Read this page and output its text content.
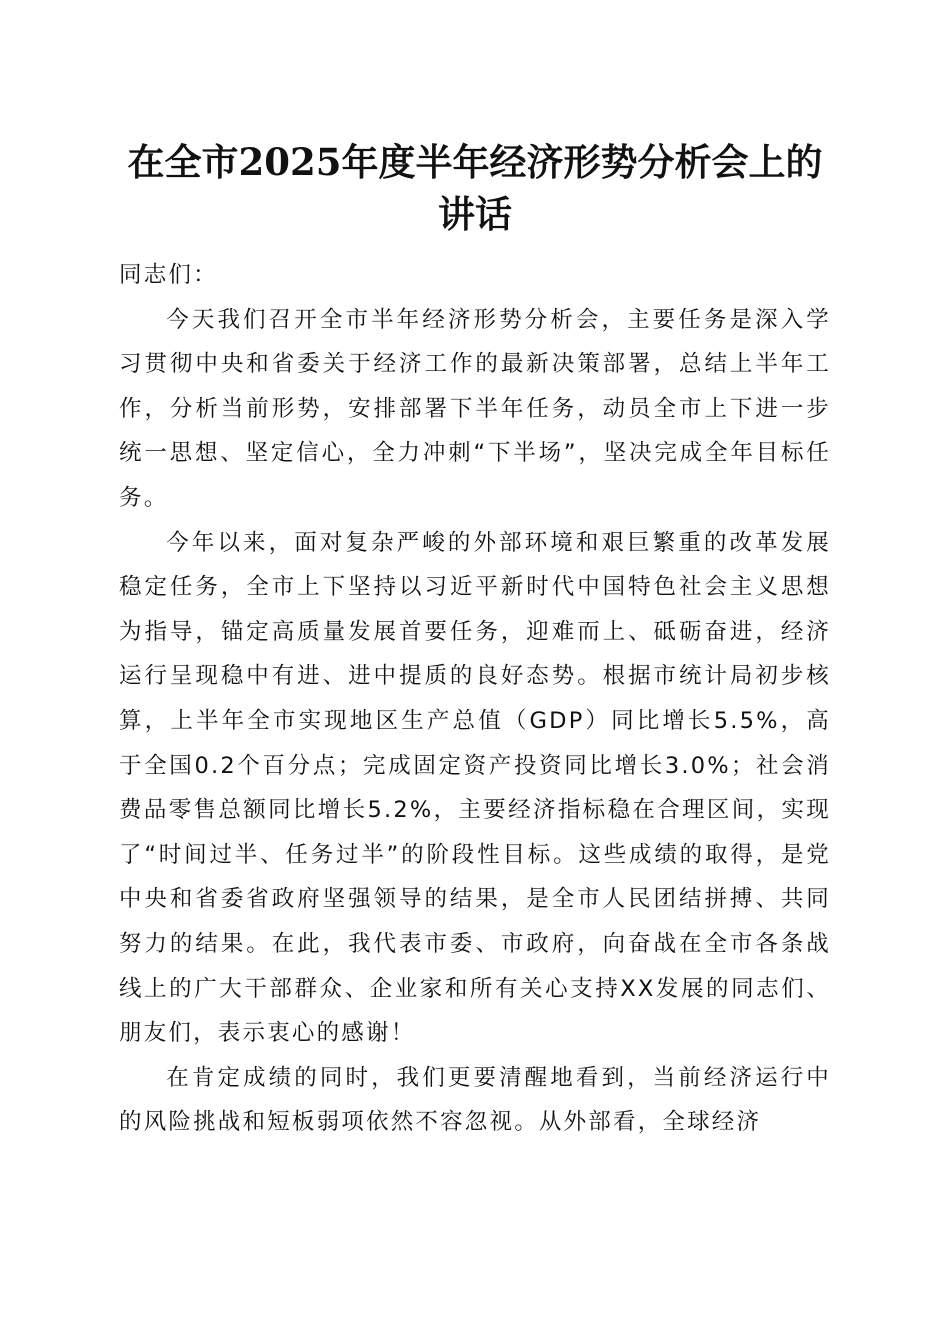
在全市2025年度半年经济形势分析会上的讲话

同志们：

今天我们召开全市半年经济形势分析会，主要任务是深入学习贯彻中央和省委关于经济工作的最新决策部署，总结上半年工作，分析当前形势，安排部署下半年任务，动员全市上下进一步统一思想、坚定信心，全力冲刺“下半场”，坚决完成全年目标任务。

今年以来，面对复杂严峻的外部环境和艰巨繁重的改革发展稳定任务，全市上下坚持以习近平新时代中国特色社会主义思想为指导，锚定高质量发展首要任务，迎难而上、砥砺奋进，经济运行呈现稳中有进、进中提质的良好态势。根据市统计局初步核算，上半年全市实现地区生产总值（GDP）同比增长5.5%，高于全国0.2个百分点；完成固定资产投资同比增长3.0%；社会消费品零售总额同比增长5.2%，主要经济指标稳在合理区间，实现了“时间过半、任务过半”的阶段性目标。这些成绩的取得，是党中央和省委省政府坚强领导的结果，是全市人民团结拼搏、共同努力的结果。在此，我代表市委、市政府，向奋战在全市各条战线上的广大干部群众、企业家和所有关心支持XX发展的同志们、朋友们，表示衷心的感谢！

在肯定成绩的同时，我们更要清醒地看到，当前经济运行中的风险挑战和短板弱项依然不容忽视。从外部看，全球经济
